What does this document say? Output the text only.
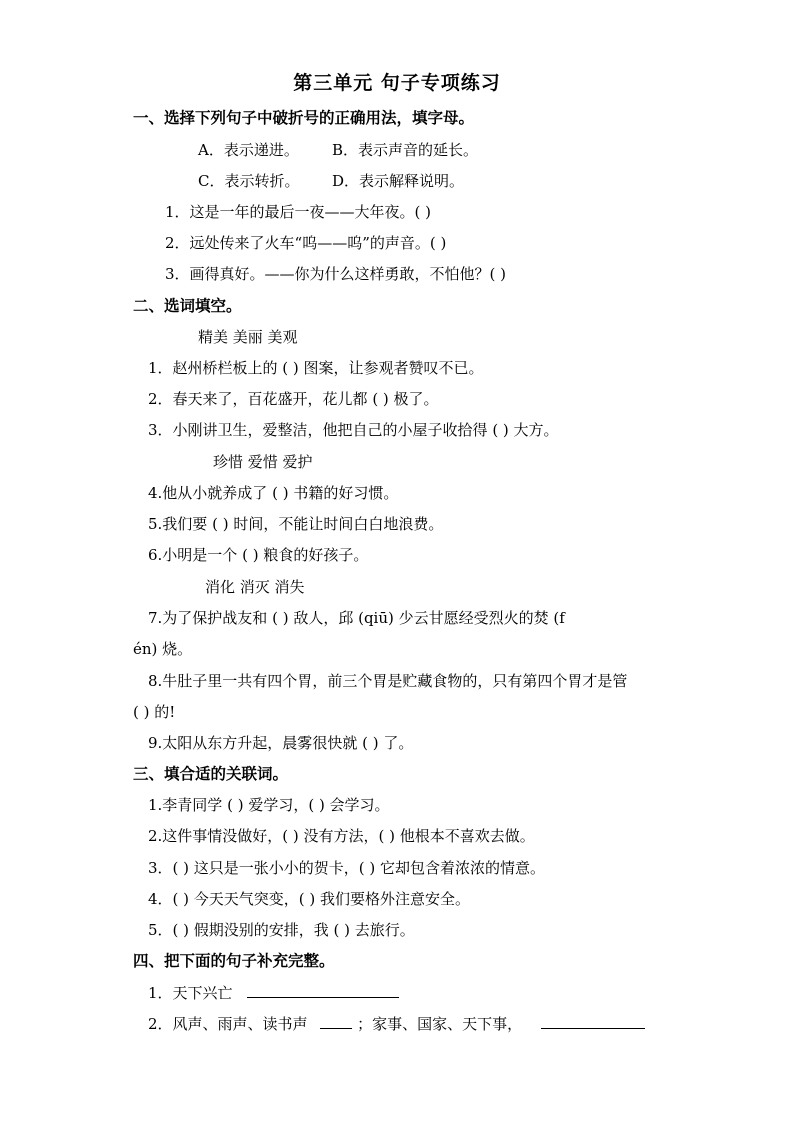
第三单元 句子专项练习
一、选择下列句子中破折号的正确用法，填字母。
A．表示递进。 B．表示声音的延长。
C．表示转折。 D．表示解释说明。
1．这是一年的最后一夜——大年夜。( )
2．远处传来了火车“呜——呜”的声音。( )
3．画得真好。——你为什么这样勇敢，不怕他？( )
二、选词填空。
精美 美丽 美观
1．赵州桥栏板上的 ( ) 图案，让参观者赞叹不已。
2．春天来了，百花盛开，花儿都 ( ) 极了。
3．小刚讲卫生，爱整洁，他把自己的小屋子收拾得 ( ) 大方。
珍惜 爱惜 爱护
4.他从小就养成了 ( ) 书籍的好习惯。
5.我们要 ( ) 时间，不能让时间白白地浪费。
6.小明是一个 ( ) 粮食的好孩子。
消化 消灭 消失
7.为了保护战友和 ( ) 敌人，邱 (qiū) 少云甘愿经受烈火的焚 (f
én) 烧。
8.牛肚子里一共有四个胃，前三个胃是贮藏食物的，只有第四个胃才是管
( ) 的!
9.太阳从东方升起，晨雾很快就 ( ) 了。
三、填合适的关联词。
1.李青同学 ( ) 爱学习，( ) 会学习。
2.这件事情没做好，( ) 没有方法，( ) 他根本不喜欢去做。
3．( ) 这只是一张小小的贺卡，( ) 它却包含着浓浓的情意。
4．( ) 今天天气突变，( ) 我们要格外注意安全。
5．( ) 假期没别的安排，我 ( ) 去旅行。
四、把下面的句子补充完整。
1．天下兴亡
2．风声、雨声、读书声	；家事、国家、天下事，
